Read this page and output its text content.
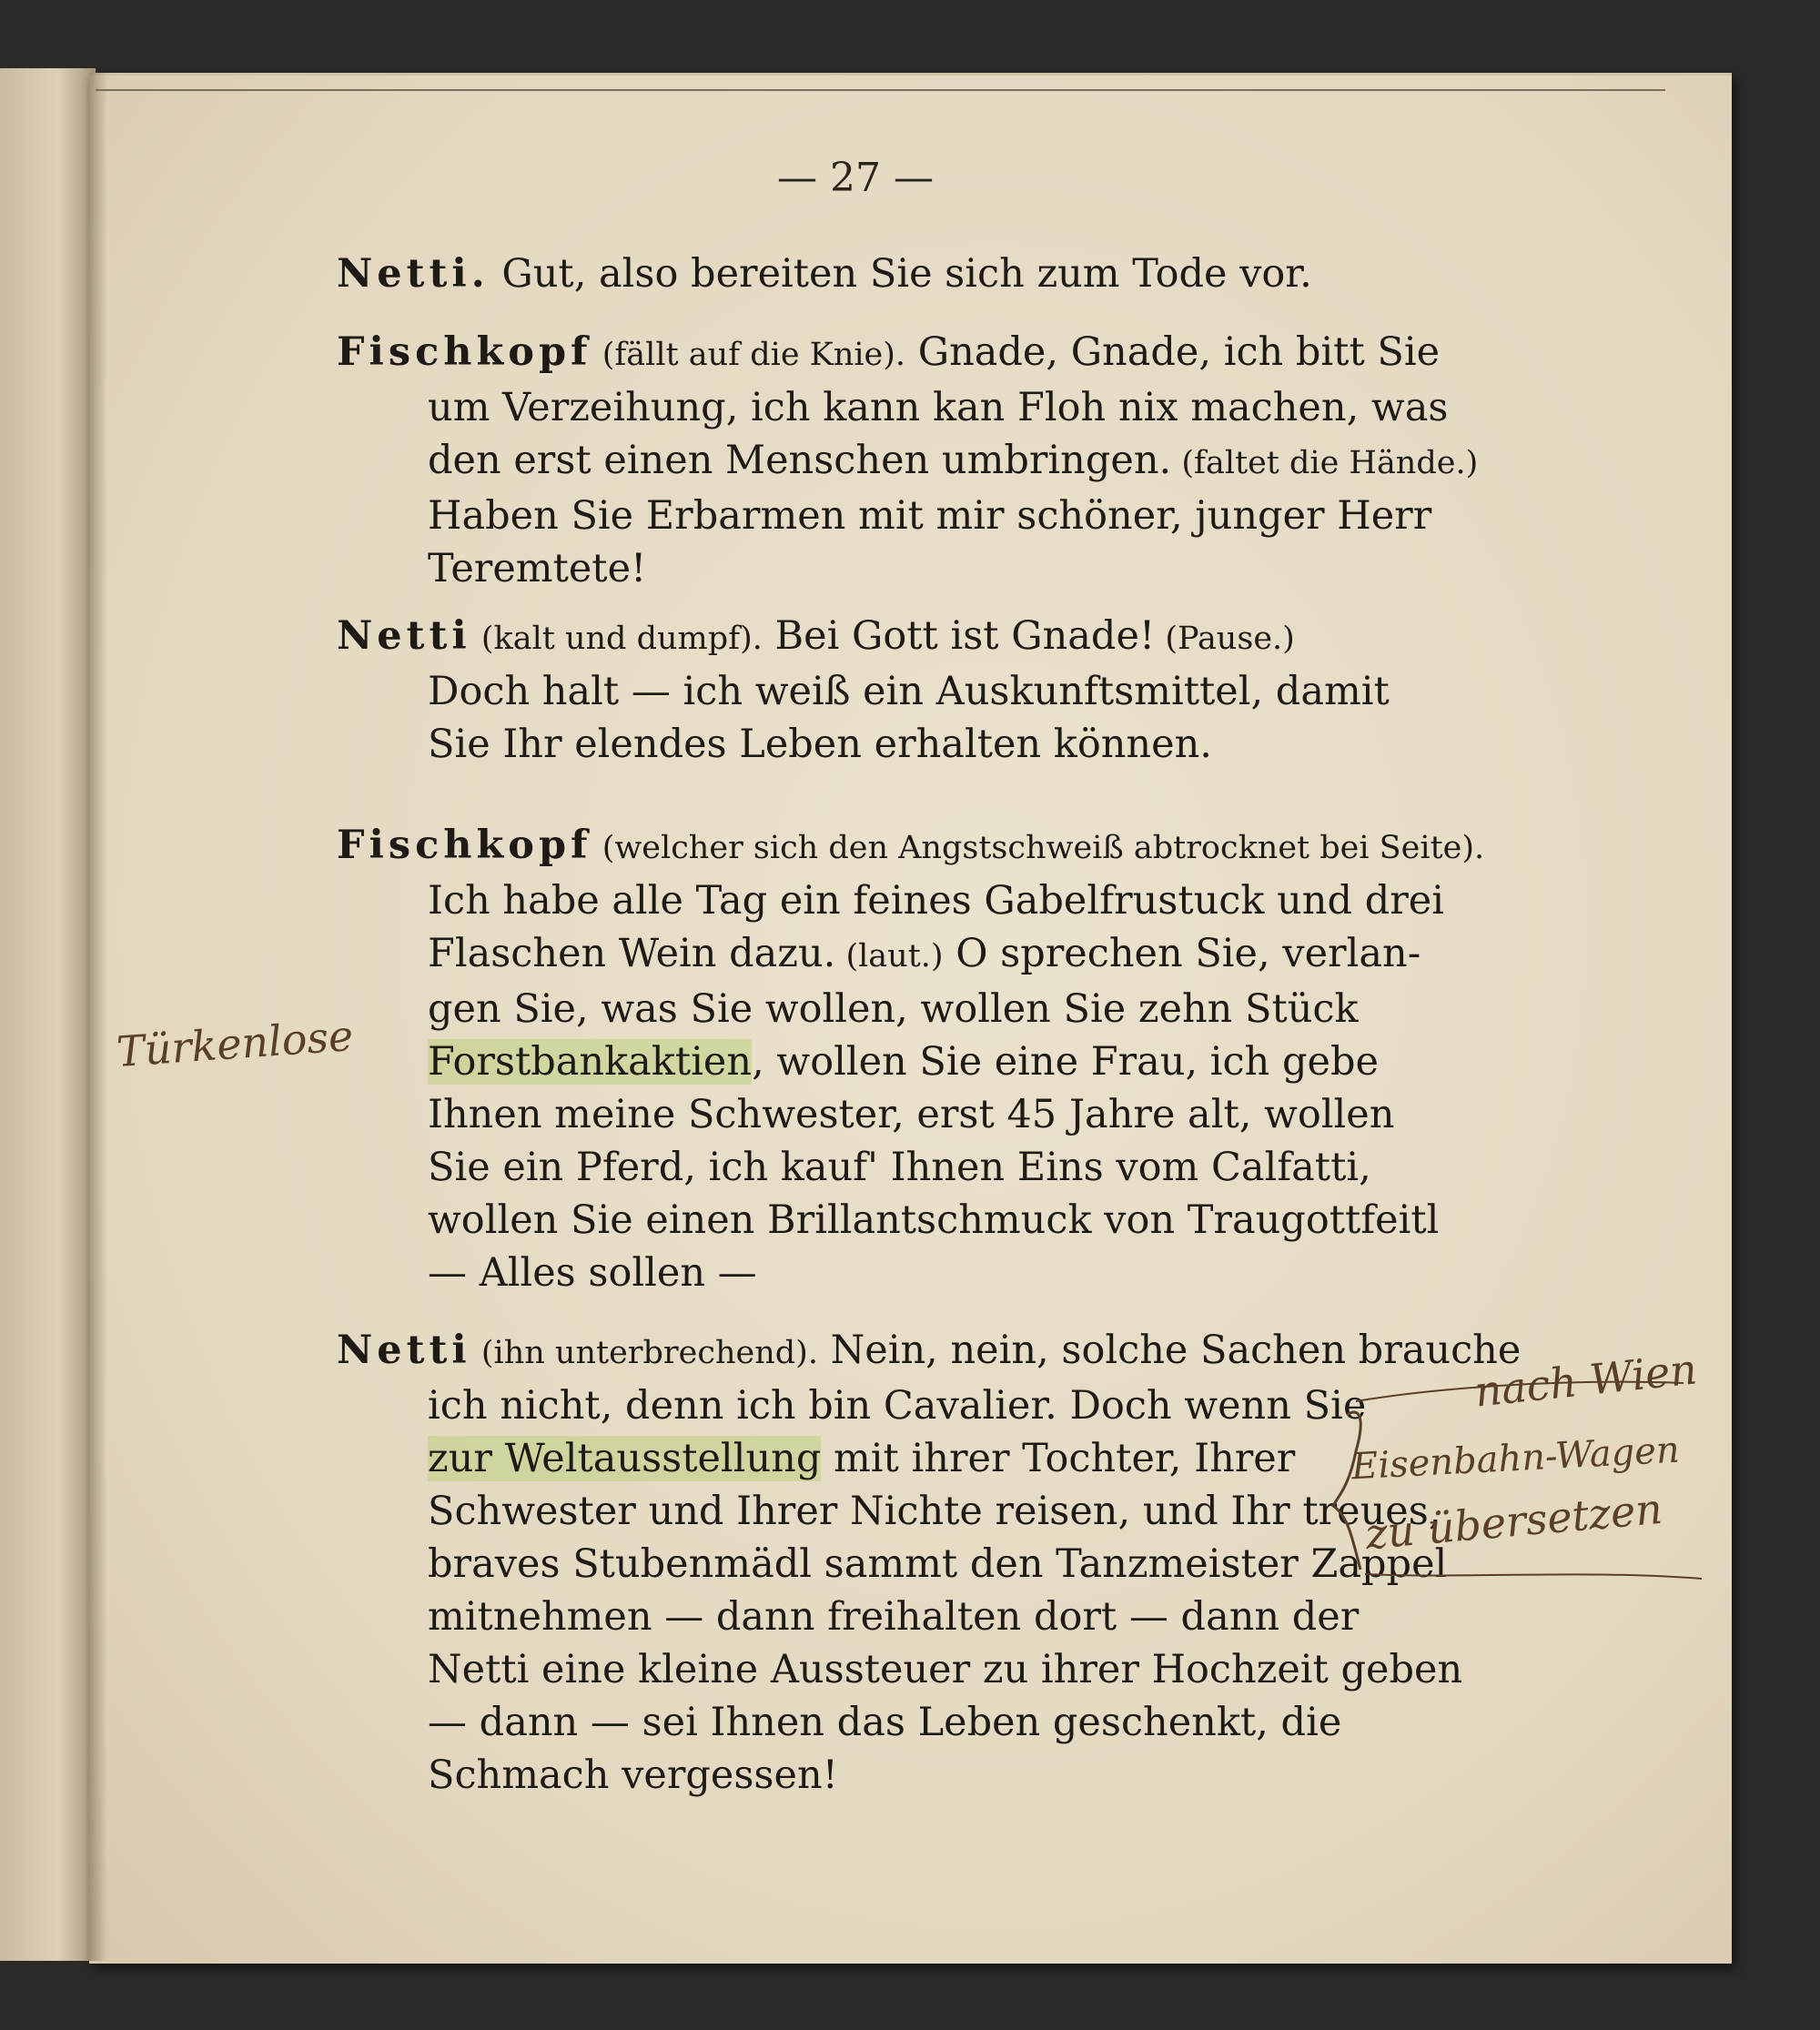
— 27 —
Netti. Gut, also bereiten Sie sich zum Tode vor.
Fischkopf (fällt auf die Knie). Gnade, Gnade, ich bitt Sie
um Verzeihung, ich kann kan Floh nix machen, was
den erst einen Menschen umbringen. (faltet die Hände.)
Haben Sie Erbarmen mit mir schöner, junger Herr
Teremtete!
Netti (kalt und dumpf). Bei Gott ist Gnade! (Pause.)
Doch halt — ich weiß ein Auskunftsmittel, damit
Sie Ihr elendes Leben erhalten können.
Fischkopf (welcher sich den Angstschweiß abtrocknet bei Seite).
Ich habe alle Tag ein feines Gabelfrustuck und drei
Flaschen Wein dazu. (laut.) O sprechen Sie, verlan-
gen Sie, was Sie wollen, wollen Sie zehn Stück
Forstbankaktien, wollen Sie eine Frau, ich gebe
Ihnen meine Schwester, erst 45 Jahre alt, wollen
Sie ein Pferd, ich kauf' Ihnen Eins vom Calfatti,
wollen Sie einen Brillantschmuck von Traugottfeitl
— Alles sollen —
Netti (ihn unterbrechend). Nein, nein, solche Sachen brauche
ich nicht, denn ich bin Cavalier. Doch wenn Sie
zur Weltausstellung mit ihrer Tochter, Ihrer
Schwester und Ihrer Nichte reisen, und Ihr treues,
braves Stubenmädl sammt den Tanzmeister Zappel
mitnehmen — dann freihalten dort — dann der
Netti eine kleine Aussteuer zu ihrer Hochzeit geben
— dann — sei Ihnen das Leben geschenkt, die
Schmach vergessen!
Türkenlose
nach Wien
Eisenbahn-Wagen
zu übersetzen
